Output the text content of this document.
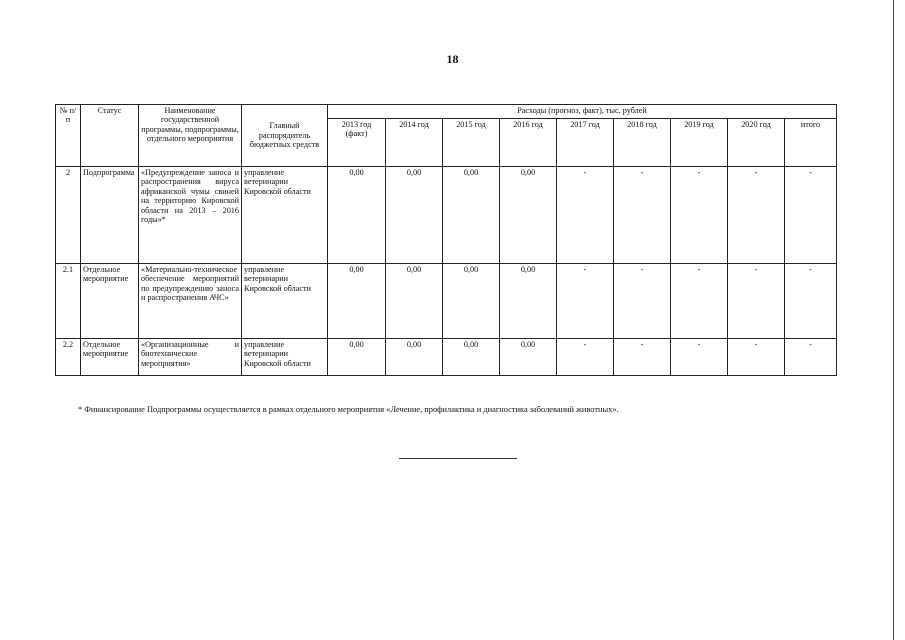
18
№ п/п	Статус	Наименование государственной программы, подпрограммы, отдельного мероприятия	Главный распорядитель бюджетных средств	Расходы (прогноз, факт), тыс. рублей								
				2013 год (факт)	2014 год	2015 год	2016 год	2017 год	2018 год	2019 год	2020 год	итого
2	Подпрограмма	«Предупреждение заноса и распространения вируса африканской чумы свиней на территорию Кировской области на 2013 – 2016 годы»*	управление ветеринарии Кировской области	0,00	0,00	0,00	0,00	-	-	-	-	-
2.1	Отдельное мероприятие	«Материально-техническое обеспечение мероприятий по предупреждению заноса и распространения АЧС»	управление ветеринарии Кировской области	0,00	0,00	0,00	0,00	-	-	-	-	-
2.2	Отдельное мероприятие	«Организационные и биотехнические мероприятия»	управление ветеринарии Кировской области	0,00	0,00	0,00	0,00	-	-	-	-	-
* Финансирование Подпрограммы осуществляется в рамках отдельного мероприятия «Лечение, профилактика и диагностика заболеваний животных».
